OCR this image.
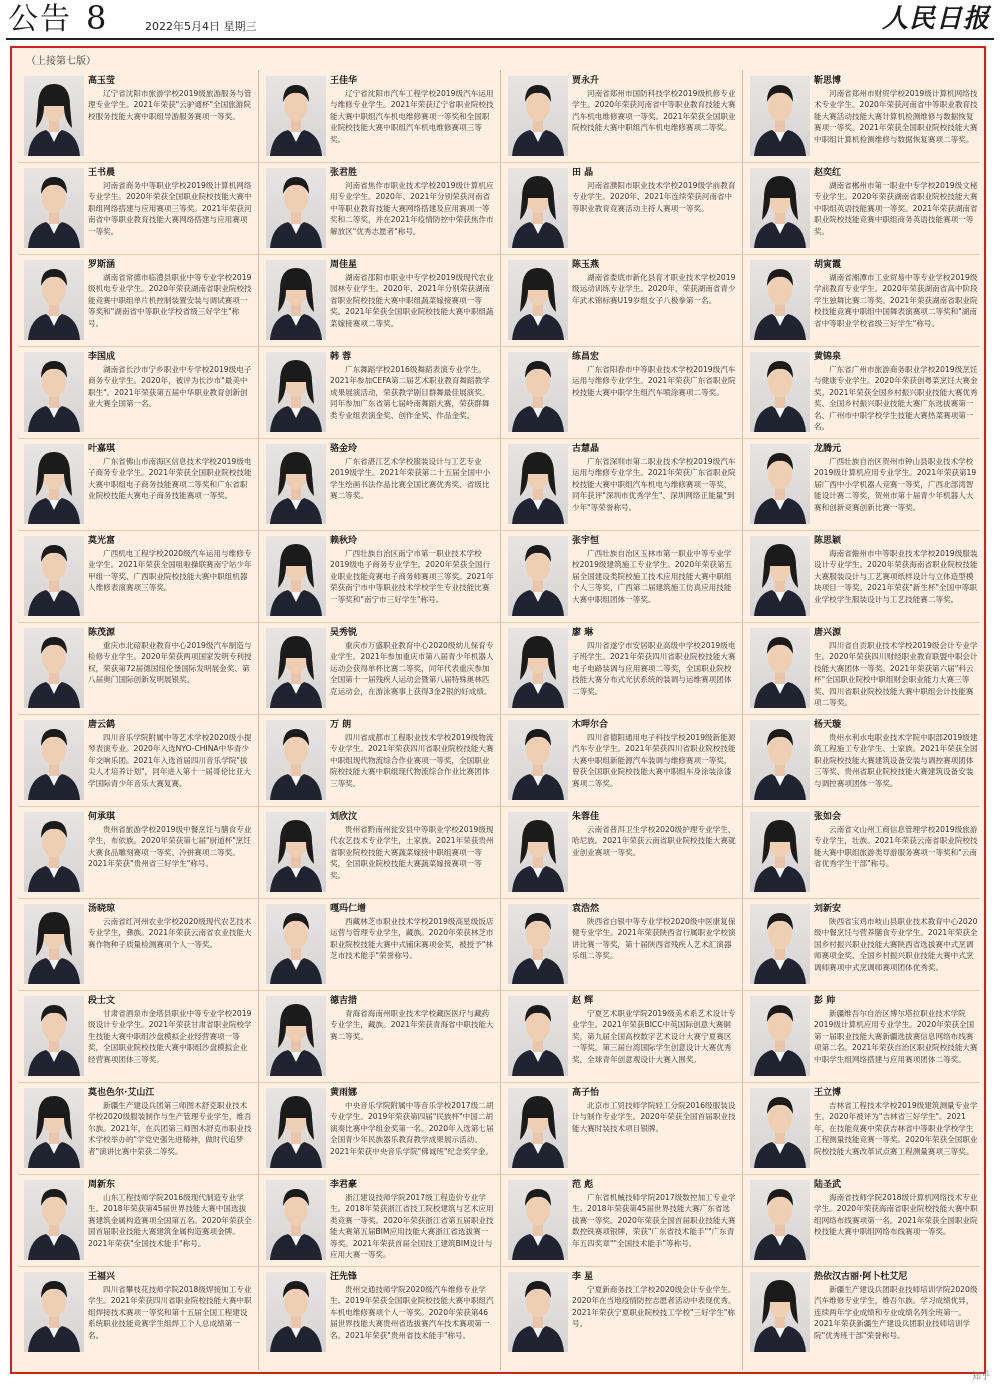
公告 8	2022年5月4日 星期三	人民日报
（上接第七版）
高玉莹
辽宁省沈阳市旅游学校2019级旅游服务与管理专业学生。2021年荣获"云驴通杯"全国旅游院校服务技能大赛中职组导游服务赛项一等奖。
王佳华
辽宁省沈阳市汽车工程学校2019级汽车运用与维修专业学生。2021年荣获辽宁省职业院校技能大赛中职组汽车机电维修赛项一等奖和全国职业院校技能大赛中职组汽车机电维修赛项三等奖。
贾永升
河南省郑州市国防科技学校2019级机修专业学生。2020年荣获河南省中等职业教育技能大赛汽车机电维修赛项一等奖。2021年荣获全国职业院校技能大赛中职组汽车机电维修赛项二等奖。
靳思博
河南省郑州市财贸学校2019级计算机网络技术专业学生。2020年荣获河南省中等职业教育技能大赛活动技能大赛计算机检测维修与数据恢复赛项一等奖。2021年荣获全国职业院校技能大赛中职组计算机检测维修与数据恢复赛项二等奖。
王书晨
河南省商务中等职业学校2019级计算机网络专业学生。2020年荣获全国职业院校技能大赛中职组网络搭建与应用赛项三等奖。2021年荣获河南省中等职业教育技能大赛网络搭建与应用赛项一等奖。
张君胜
河南省焦作市职业技术学校2019级计算机应用专业学生。2020年、2021年分别荣获河南省中等职业教育技能大赛网络搭建及应用赛项一等奖和二等奖，并在2021年疫情防控中荣获焦作市解放区"优秀志愿者"称号。
田 晶
河南省濮阳市职业技术学校2019级学前教育专业学生。2020年、2021年连续荣获河南省中等职业教育竞赛活动主持人赛项一等奖。
赵奕红
湖南省郴州市第一职业中专学校2019级文秘专业学生。2020年荣获湖南省职业院校技能大赛中职组英语技能赛项一等奖。2021年荣获湖南省职业院校技能竞赛中职组商务英语技能赛项一等奖。
罗斯涵
湖南省常德市临澧县职业中等专业学校2019级机电专业学生。2020年荣获湖南省职业院校技能竞赛中职组单片机控制装置安装与调试赛项一等奖和"湖南省中等职业学校省级三好学生"称号。
周佳星
湖南省邵阳市职业中专学校2019级现代农业园林专业学生。2020年、2021年分别荣获湖南省职业院校技能大赛中职组蔬菜嫁接赛项一等奖。2021年荣获全国职业院校技能大赛中职组蔬菜嫁接赛项二等奖。
陈玉燕
湖南省娄底市新化县育才职业技术学校2019级运动训练专业学生。2020年，荣获湖南省青少年武术锦标赛U19岁组女子八极拳第一名。
胡寅霞
湖南省湘潭市工业贸易中等专业学校2019级学前教育专业学生。2020年荣获湖南省高中阶段学生独舞比赛二等奖。2021年荣获湖南省职业院校技能竞赛中职组中国舞表演赛项二等奖和"湖南省中等职业学校省级三好学生"称号。
李国成
湖南省长沙市宁乡职业中专学校2019级电子商务专业学生。2020年，被评为长沙市"最美中职生"。2021年荣获第五届中华职业教育创新创业大赛全国第一名。
韩 蓉
广东舞蹈学校2016级舞蹈表演专业学生。2021年参加CEFA第二届艺术职业教育舞蹈教学成果展演活动，荣获教学剧目群舞最佳展演奖。同年参加广东省第七届岭南舞蹈大赛，荣获群舞类专业组表演金奖、创作金奖、作品金奖。
练昌宏
广东省阳春市中等职业技术学校2019级汽车运用与维修专业学生。2021年荣获广东省职业院校技能大赛中职学生组汽车喷涂赛项二等奖。
黄锦泉
广东省广州市旅游商务职业学校2019级烹饪与健康专业学生。2020年荣获创粤菜烹饪大赛金奖。2021年荣获全国乡村振兴职业技能大赛优秀奖、全国乡村振兴职业技能大赛广东选拔赛第一名、广州市中职学校学生技能大赛热菜赛项第一名。
叶嘉琪
广东省佛山市南海区信息技术学校2019级电子商务专业学生。2021年荣获全国职业院校技能大赛中职组电子商务技能赛项二等奖和广东省职业院校技能大赛电子商务技能赛项一等奖。
骆金玲
广东省湛江艺术学校服装设计与工艺专业2019级学生。2021年荣获第二十五届全国中小学生绘画书法作品比赛全国比赛优秀奖、省级比赛二等奖。
古慧晶
广东省深圳市第二职业技术学校2019级汽车运用与维修专业学生。2021年荣获广东省职业院校技能大赛中职组汽车机电与维修赛项一等奖，同年获评"深圳市优秀学生"、深圳网络正能量"到少年"等荣誉称号。
龙腾元
广西壮族自治区贺州市钟山县职业技术学校2019级计算机应用专业学生。2021年荣获第19届广西中小学机器人竞赛一等奖，广西北部湾智能设计赛二等奖，贺州市第十届青少年机器人大赛和创新竞赛创新比赛一等奖。
莫光富
广西机电工程学校2020级汽车运用与维修专业学生。2021年荣获全国咀啦操联赛南宁站少年甲组一等奖、广西职业院校技能大赛中职组机器人维修表演赛项三等奖。
赖秋玲
广西壮族自治区南宁市第一职业技术学校2019级电子商务专业学生。2020年荣获全国行业职业技能竞赛电子商务师赛项三等奖。2021年荣获南宁市中等职业技术学校学生专业技能比赛一等奖和"南宁市三好学生"称号。
张宇恒
广西壮族自治区玉林市第一职业中等专业学校2019级建筑施工专业学生。2020年荣获第五届全国建设类院校施工技术应用技能大赛中职组个人三等奖，广西第二届建筑施工仿真应用技能大赛中职组团体一等奖。
陈思颖
海南省儋州市中等职业技术学校2019级服装设计专业学生。2020年荣获海南省职业院校技能大赛服装设计与工艺赛项纸样设计与立体造型模块项目一等奖。2021年荣获"新生杯"全国中等职业学校学生服装设计与工艺技能赛二等奖。
陈茂源
重庆市北碚职业教育中心2019级汽车制造与检修专业学生。2020年荣获两项国家发明专利授权，荣获第72届德国纽伦堡国际发明展金奖、第八届奥门国际创新发明展银奖。
吴秀锐
重庆市万盛职业教育中心2020级幼儿保育专业学生。2021年参加重庆市第八届青少年机器人运动会获得单杯比赛二等奖，同年代表重庆参加全国第十一届残疾人运动会暨第八届特殊奥林匹克运动会，在游泳赛事上获得3金2银的好成绩。
廖 琳
四川省遂宁市安居职业高级中学校2019级电子班学生。2021年荣获四川省职业院校技能大赛电子电路装调与应用赛项二等奖，全国职业院校技能大赛分布式光伏系统的装调与运维赛项团体二等奖。
唐兴源
四川省自贡职业技术学校2019级会计专业学生。2020年荣获四川财经职业教育联盟中职会计技能大赛团体一等奖。2021年荣获第六届"科云杯"全国职业院校中职组财会职业能力大赛三等奖、四川省职业院校技能大赛中职组会计技能赛项二等奖。
唐云鹤
四川音乐学院附属中等艺术学校2020级小提琴表演专业。2020年入选NYO-CHINA中华青少年交响乐团。2021年入选首届四川音乐学院"拔尖人才培养计划"，同年进入第十一届哥伦比亚大学国际青少年音乐大赛复赛。
万 朗
四川省成都市工程职业技术学校2019级物流专业学生。2021年荣获四川省职业院校技能大赛中职组现代物流综合作业赛项一等奖，全国职业院校技能大赛中职组现代物流综合作业比赛团体三等奖。
木呷尔合
四川省德阳通用电子科技学校2019级新能源汽车专业学生。2021年荣获四川省职业院校技能大赛中职组新能源汽车装调与维修赛项一等奖，曾获全国职业院校技能大赛中职组车身涂装涂漆赛项二等奖。
杨天璇
贵州水利水电职业技术学院中职部2019级建筑工程施工专业学生、土家族。2021年荣获全国职业院校技能大赛建筑设备安装与调控赛项团体三等奖、贵州省职业院校技能大赛建筑设备安装与调控赛项团体一等奖。
何承琪
贵州省旅游学校2019级中餐烹饪与膳食专业学生，布依族。2020年荣获第七届"厨道杯"烹饪大赛食品雕刻赛项一等奖、冷拼赛项二等奖。2021年荣获"贵州省三好学生"称号。
刘欣汶
贵州省黔南州瓮安县中等职业学校2019级现代农艺技术专业学生，土家族。2021年荣获贵州省职业院校技能大赛蔬菜嫁接中职组赛项一等奖，全国职业院校技能大赛蔬菜嫁接赛项一等奖。
朱蓉佳
云南省普洱卫生学校2020级护理专业学生，哈尼族。2021年荣获云南省职业院校技能大赛就业创业赛项一等奖。
张如会
云南省文山州工商信息管理学校2019级旅游专业学生，壮族。2021年荣获云南省职业院校技能大赛中职组旅游类导游服务赛项一等奖和"云南省优秀学生干部"称号。
汤晓琼
云南省红河州农业学校2020级现代农艺技术专业学生，彝族。2021年荣获云南省农业技能大赛作物种子质量检测赛项个人一等奖。
嘎玛仁增
西藏林芝市职业技术学校2019级高星级饭店运营与管理专业学生，藏族。2020年荣获林芝市职业院校技能大赛中式铺床赛项金奖，被授予"林芝市技术能手"荣誉称号。
袁浩然
陕西省白银中等专业学校2020级中医康复保健专业学生。2021年荣获陕西省行属职业学校演讲比赛一等奖，第十届陕西省残疾人艺术汇演器乐组二等奖。
刘新安
陕西省宝鸡市岐山县职业技术教育中心2020级中餐烹饪与营养膳食专业学生。2021年荣获全国乡村振兴职业技能大赛陕西省选拔赛中式烹调师赛项金奖、全国乡村振兴职业技能大赛中式烹调师赛项中式烹调师赛项团体优秀奖。
段士文
甘肃省酒泉市金塔县职业中等专业学校2019级设计专业学生。2021年荣获甘肃省职业院校学生技能大赛中职组沙盘模拟企业经营赛项一等奖，全国职业院校技能大赛中职组沙盘模拟企业经营赛项团体三等奖。
德吉措
青海省海南州职业技术学校藏医医疗与藏药专业学生，藏族。2021年荣获青海省中职技能大赛二等奖。
赵 辉
宁夏艺术职业学院2019级美术系艺术设计专业学生。2021年荣获BICC中英国际创意大赛铜奖，第九届全国高校数字艺术设计大赛宁夏赛区一等奖，第三届台湾国际学生创意设计大赛优秀奖，全球青年创意观设计大赛入围奖。
彭 帅
新疆维吾尔自治区博尔塔拉职业技术学院2019级计算机应用专业学生。2020年荣获全国第一届职业技能大赛新疆选拔赛信息网络布线赛项第二名。2021年荣获自治区职业院校技能大赛中职学生组网络搭建与应用赛项团体二等奖。
莫也色尔·艾山江
新疆生产建设兵团第三师图木舒克职业技术学校2020级服装制作与生产管理专业学生，维吾尔族。2021年，在兵团第三师图木舒克市职业技术学校举办的"学党史强先进精神，做时代追梦者"演讲比赛中荣获二等奖。
黄雨娜
中央音乐学院附属中等音乐学校2017级二胡专业学生。2019年荣获第四届"民族杯"中国二胡演奏比赛中学组金奖第一名。2020年入选第七届全国青少年民族器乐教育教学成果展示活动。2021年荣获中央音乐学院"佛诚班"纪念奖学金。
高子怡
北京市工贸技师学院轻工分院2016级服装设计与制作专业学生。2020年荣获全国首届职业技能大赛时装技术项目银牌。
王立博
吉林省工程技术学校2019级建筑测量专业学生。2020年被评为"吉林省三好学生"。2021年，在技能竞赛中荣获吉林省中等职业学校学生工程测量技能竞赛一等奖。2020年荣获全国职业院校技能大赛改革试点赛工程测量赛项三等奖。
周新东
山东工程技师学院2016级现代制造专业学生。2018年荣获第45届世界技能大赛中国选拔赛建筑金属构造赛项全国第五名。2020年荣获全国首届职业技能大赛建筑金属构造赛项金牌。2021年荣获"全国技术能手"称号。
李君豪
浙江建设技师学院2017级工程造价专业学生。2018年荣获浙江省技工院校建筑与艺术应用类竞赛一等奖。2020年荣获浙江省第五届职业技能大赛第五届BIM应用技能大赛浙江省选拔赛一等奖。2021年荣获首届全国技工建筑BIM设计与应用大赛一等奖。
范 彪
广东省机械技师学院2017级数控加工专业学生。2018年荣获第45届世界技能大赛广东省选拔赛一等奖。2020年荣获全国首届职业技能大赛数控铣赛项银牌，荣获"广东省技术能手""广东青年五四奖章""全国技术能手"等称号。
陆圣武
海南省技师学院2018级计算机网络技术专业学生。2020年荣获海南省职业院校技能大赛中职组网络布线赛项第一名。2021年荣获全国职业院校技能大赛中职组网络布线赛项一等奖。
王福兴
四川省攀枝花技师学院2018级焊接加工专业学生。2021年荣获四川省职业院校技能大赛中职组焊接技术赛项一等奖和第十五届全国工程建设系统职业技能竞赛学生组焊工个人总成绩第一名。
汪先锋
贵州交通技师学院2020级汽车维修专业学生。2019年荣获全国职业院校技能大赛中职组汽车机电维修赛项个人一等奖。2020年荣获第46届世界技能大赛贵州省选拔赛汽车技术赛项第一名。2021年荣获"贵州省技术能手"称号。
李 星
宁夏新商务技工学校2020级会计专业学生。2020年在当地疫情防控志愿者活动中表现优秀。2021年荣获宁夏职业院校技工学校"三好学生"称号。
热依汉古丽·阿卜杜艾尼
新疆生产建设兵团职业技师培训学院2020级汽车维修专业学生，维吾尔族。学习成绩优异，连续两年学业成绩和专业成绩名列全班第一。2021年荣获新疆生产建设兵团职业技师培训学院"优秀班干部"荣誉称号。
知乎
